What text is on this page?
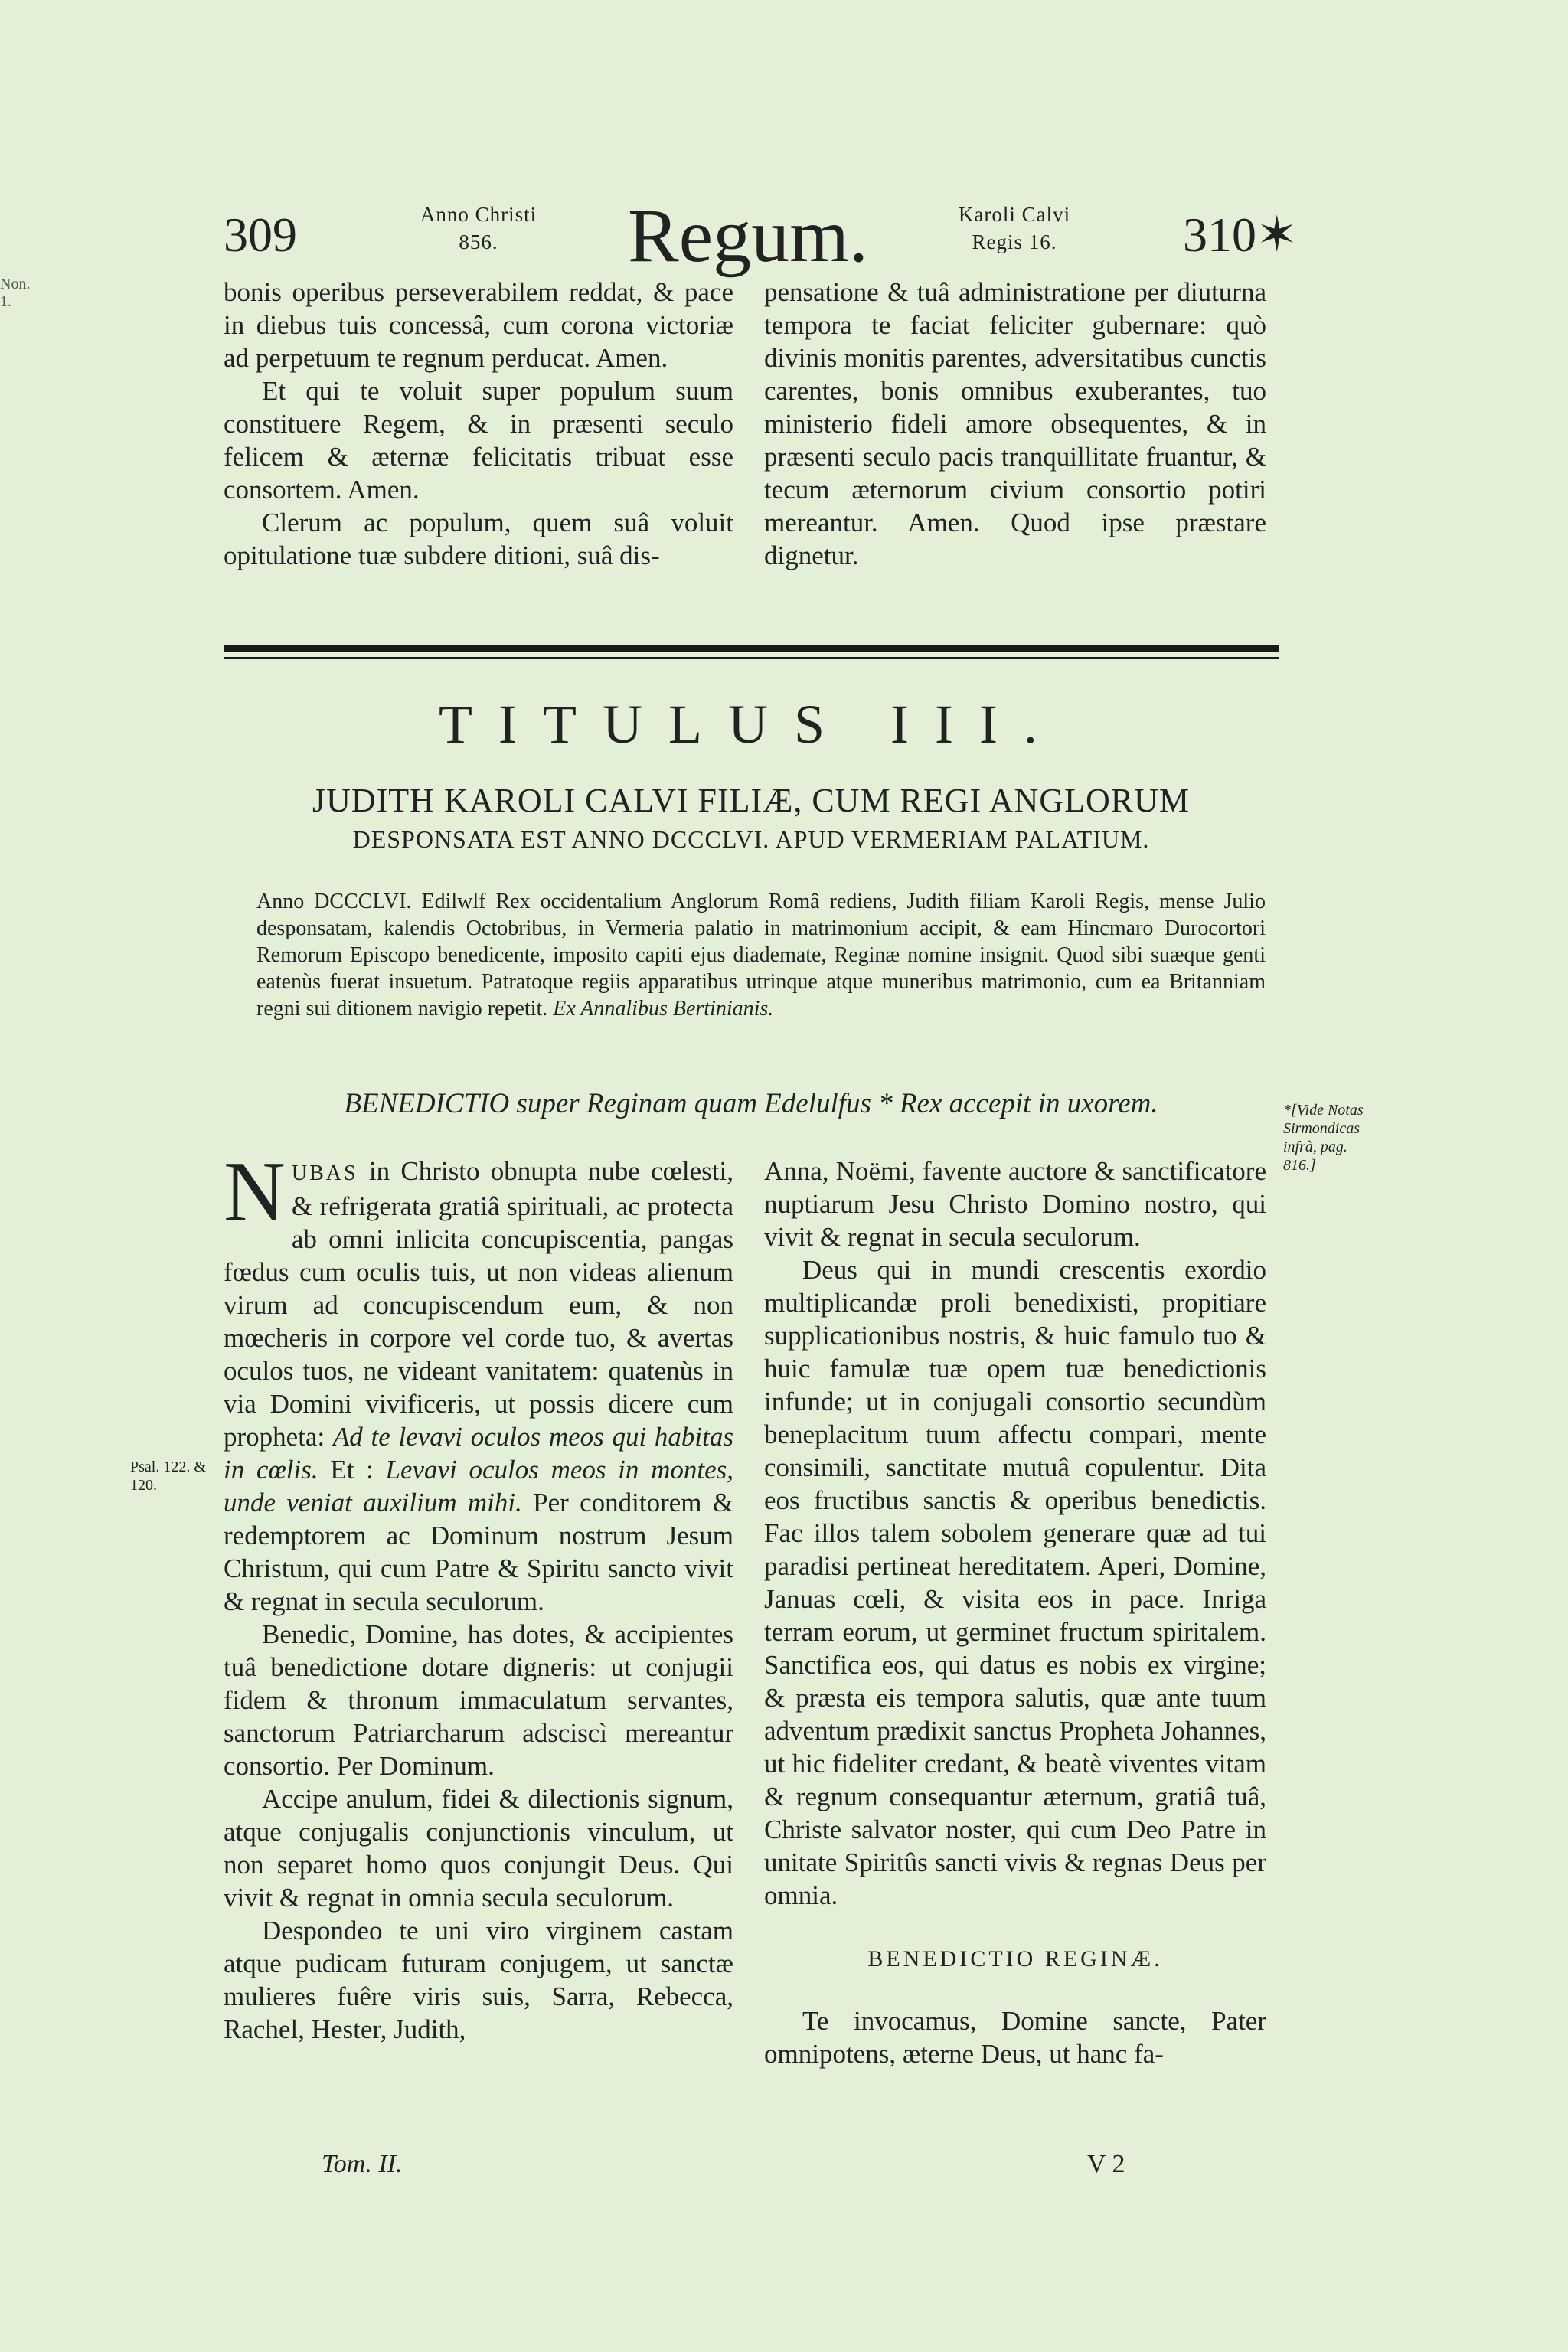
Non. 1.
309	Anno Christi
856.	Regum.	Karoli Calvi
Regis 16.	310✶

bonis operibus perseverabilem reddat, & pace in diebus tuis concessâ, cum corona victoriæ ad perpetuum te regnum perducat. Amen.

Et qui te voluit super populum suum constituere Regem, & in præsenti seculo felicem & æternæ felicitatis tribuat esse consortem. Amen.

Clerum ac populum, quem suâ voluit opitulatione tuæ subdere ditioni, suâ dis-

pensatione & tuâ administratione per diuturna tempora te faciat feliciter gubernare: quò divinis monitis parentes, adversitatibus cunctis carentes, bonis omnibus exuberantes, tuo ministerio fideli amore obsequentes, & in præsenti seculo pacis tranquillitate fruantur, & tecum æternorum civium consortio potiri mereantur. Amen. Quod ipse præstare dignetur.

TITULUS III.
JUDITH KAROLI CALVI FILIÆ, CUM REGI ANGLORUM
DESPONSATA EST ANNO DCCCLVI. APUD VERMERIAM PALATIUM.
Anno DCCCLVI. Edilwlf Rex occidentalium Anglorum Româ rediens, Judith filiam Karoli Regis, mense Julio desponsatam, kalendis Octobribus, in Vermeria palatio in matrimonium accipit, & eam Hincmaro Durocortori Remorum Episcopo benedicente, imposito capiti ejus diademate, Reginæ nomine insignit. Quod sibi suæque genti eatenùs fuerat insuetum. Patratoque regiis apparatibus utrinque atque muneribus matrimonio, cum ea Britanniam regni sui ditionem navigio repetit. Ex Annalibus Bertinianis.
BENEDICTIO super Reginam quam Edelulfus * Rex accepit in uxorem.	*[Vide Notas Sirmondicas infrà, pag. 816.]
Psal. 122. & 120.

NUBAS in Christo obnupta nube cœlesti, & refrigerata gratiâ spirituali, ac protecta ab omni inlicita concupiscentia, pangas fœdus cum oculis tuis, ut non videas alienum virum ad concupiscendum eum, & non mœcheris in corpore vel corde tuo, & avertas oculos tuos, ne videant vanitatem: quatenùs in via Domini vivificeris, ut possis dicere cum propheta: Ad te levavi oculos meos qui habitas in cœlis. Et : Levavi oculos meos in montes, unde veniat auxilium mihi. Per conditorem & redemptorem ac Dominum nostrum Jesum Christum, qui cum Patre & Spiritu sancto vivit & regnat in secula seculorum.

Benedic, Domine, has dotes, & accipientes tuâ benedictione dotare digneris: ut conjugii fidem & thronum immaculatum servantes, sanctorum Patriarcharum adsciscì mereantur consortio. Per Dominum.

Accipe anulum, fidei & dilectionis signum, atque conjugalis conjunctionis vinculum, ut non separet homo quos conjungit Deus. Qui vivit & regnat in omnia secula seculorum.

Despondeo te uni viro virginem castam atque pudicam futuram conjugem, ut sanctæ mulieres fuêre viris suis, Sarra, Rebecca, Rachel, Hester, Judith,

Anna, Noëmi, favente auctore & sanctificatore nuptiarum Jesu Christo Domino nostro, qui vivit & regnat in secula seculorum.

Deus qui in mundi crescentis exordio multiplicandæ proli benedixisti, propitiare supplicationibus nostris, & huic famulo tuo & huic famulæ tuæ opem tuæ benedictionis infunde; ut in conjugali consortio secundùm beneplacitum tuum affectu compari, mente consimili, sanctitate mutuâ copulentur. Dita eos fructibus sanctis & operibus benedictis. Fac illos talem sobolem generare quæ ad tui paradisi pertineat hereditatem. Aperi, Domine, Januas cœli, & visita eos in pace. Inriga terram eorum, ut germinet fructum spiritalem. Sanctifica eos, qui datus es nobis ex virgine; & præsta eis tempora salutis, quæ ante tuum adventum prædixit sanctus Propheta Johannes, ut hic fideliter credant, & beatè viventes vitam & regnum consequantur æternum, gratiâ tuâ, Christe salvator noster, qui cum Deo Patre in unitate Spiritûs sancti vivis & regnas Deus per omnia.

BENEDICTIO REGINÆ.

Te invocamus, Domine sancte, Pater omnipotens, æterne Deus, ut hanc fa-

Tom. II.	V 2
